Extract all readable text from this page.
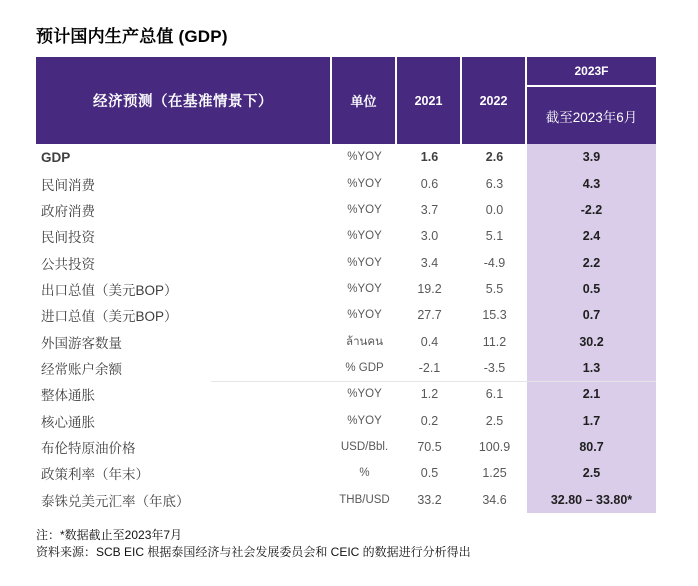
预计国内生产总值 (GDP)
经济预测（在基准情景下）	单位	2021	2022
2023F
截至2023年6月
GDP	%YOY	1.6	2.6	3.9
民间消费	%YOY	0.6	6.3	4.3
政府消费	%YOY	3.7	0.0	-2.2
民间投资	%YOY	3.0	5.1	2.4
公共投资	%YOY	3.4	-4.9	2.2
出口总值（美元BOP）	%YOY	19.2	5.5	0.5
进口总值（美元BOP）	%YOY	27.7	15.3	0.7
外国游客数量	ล้านคน	0.4	11.2	30.2
经常账户余额	% GDP	-2.1	-3.5	1.3
整体通胀	%YOY	1.2	6.1	2.1
核心通胀	%YOY	0.2	2.5	1.7
布伦特原油价格	USD/Bbl.	70.5	100.9	80.7
政策利率（年末）	%	0.5	1.25	2.5
泰铢兑美元汇率（年底）	THB/USD	33.2	34.6	32.80 – 33.80*
注：*数据截止至2023年7月
资料来源：SCB EIC 根据泰国经济与社会发展委员会和 CEIC 的数据进行分析得出
